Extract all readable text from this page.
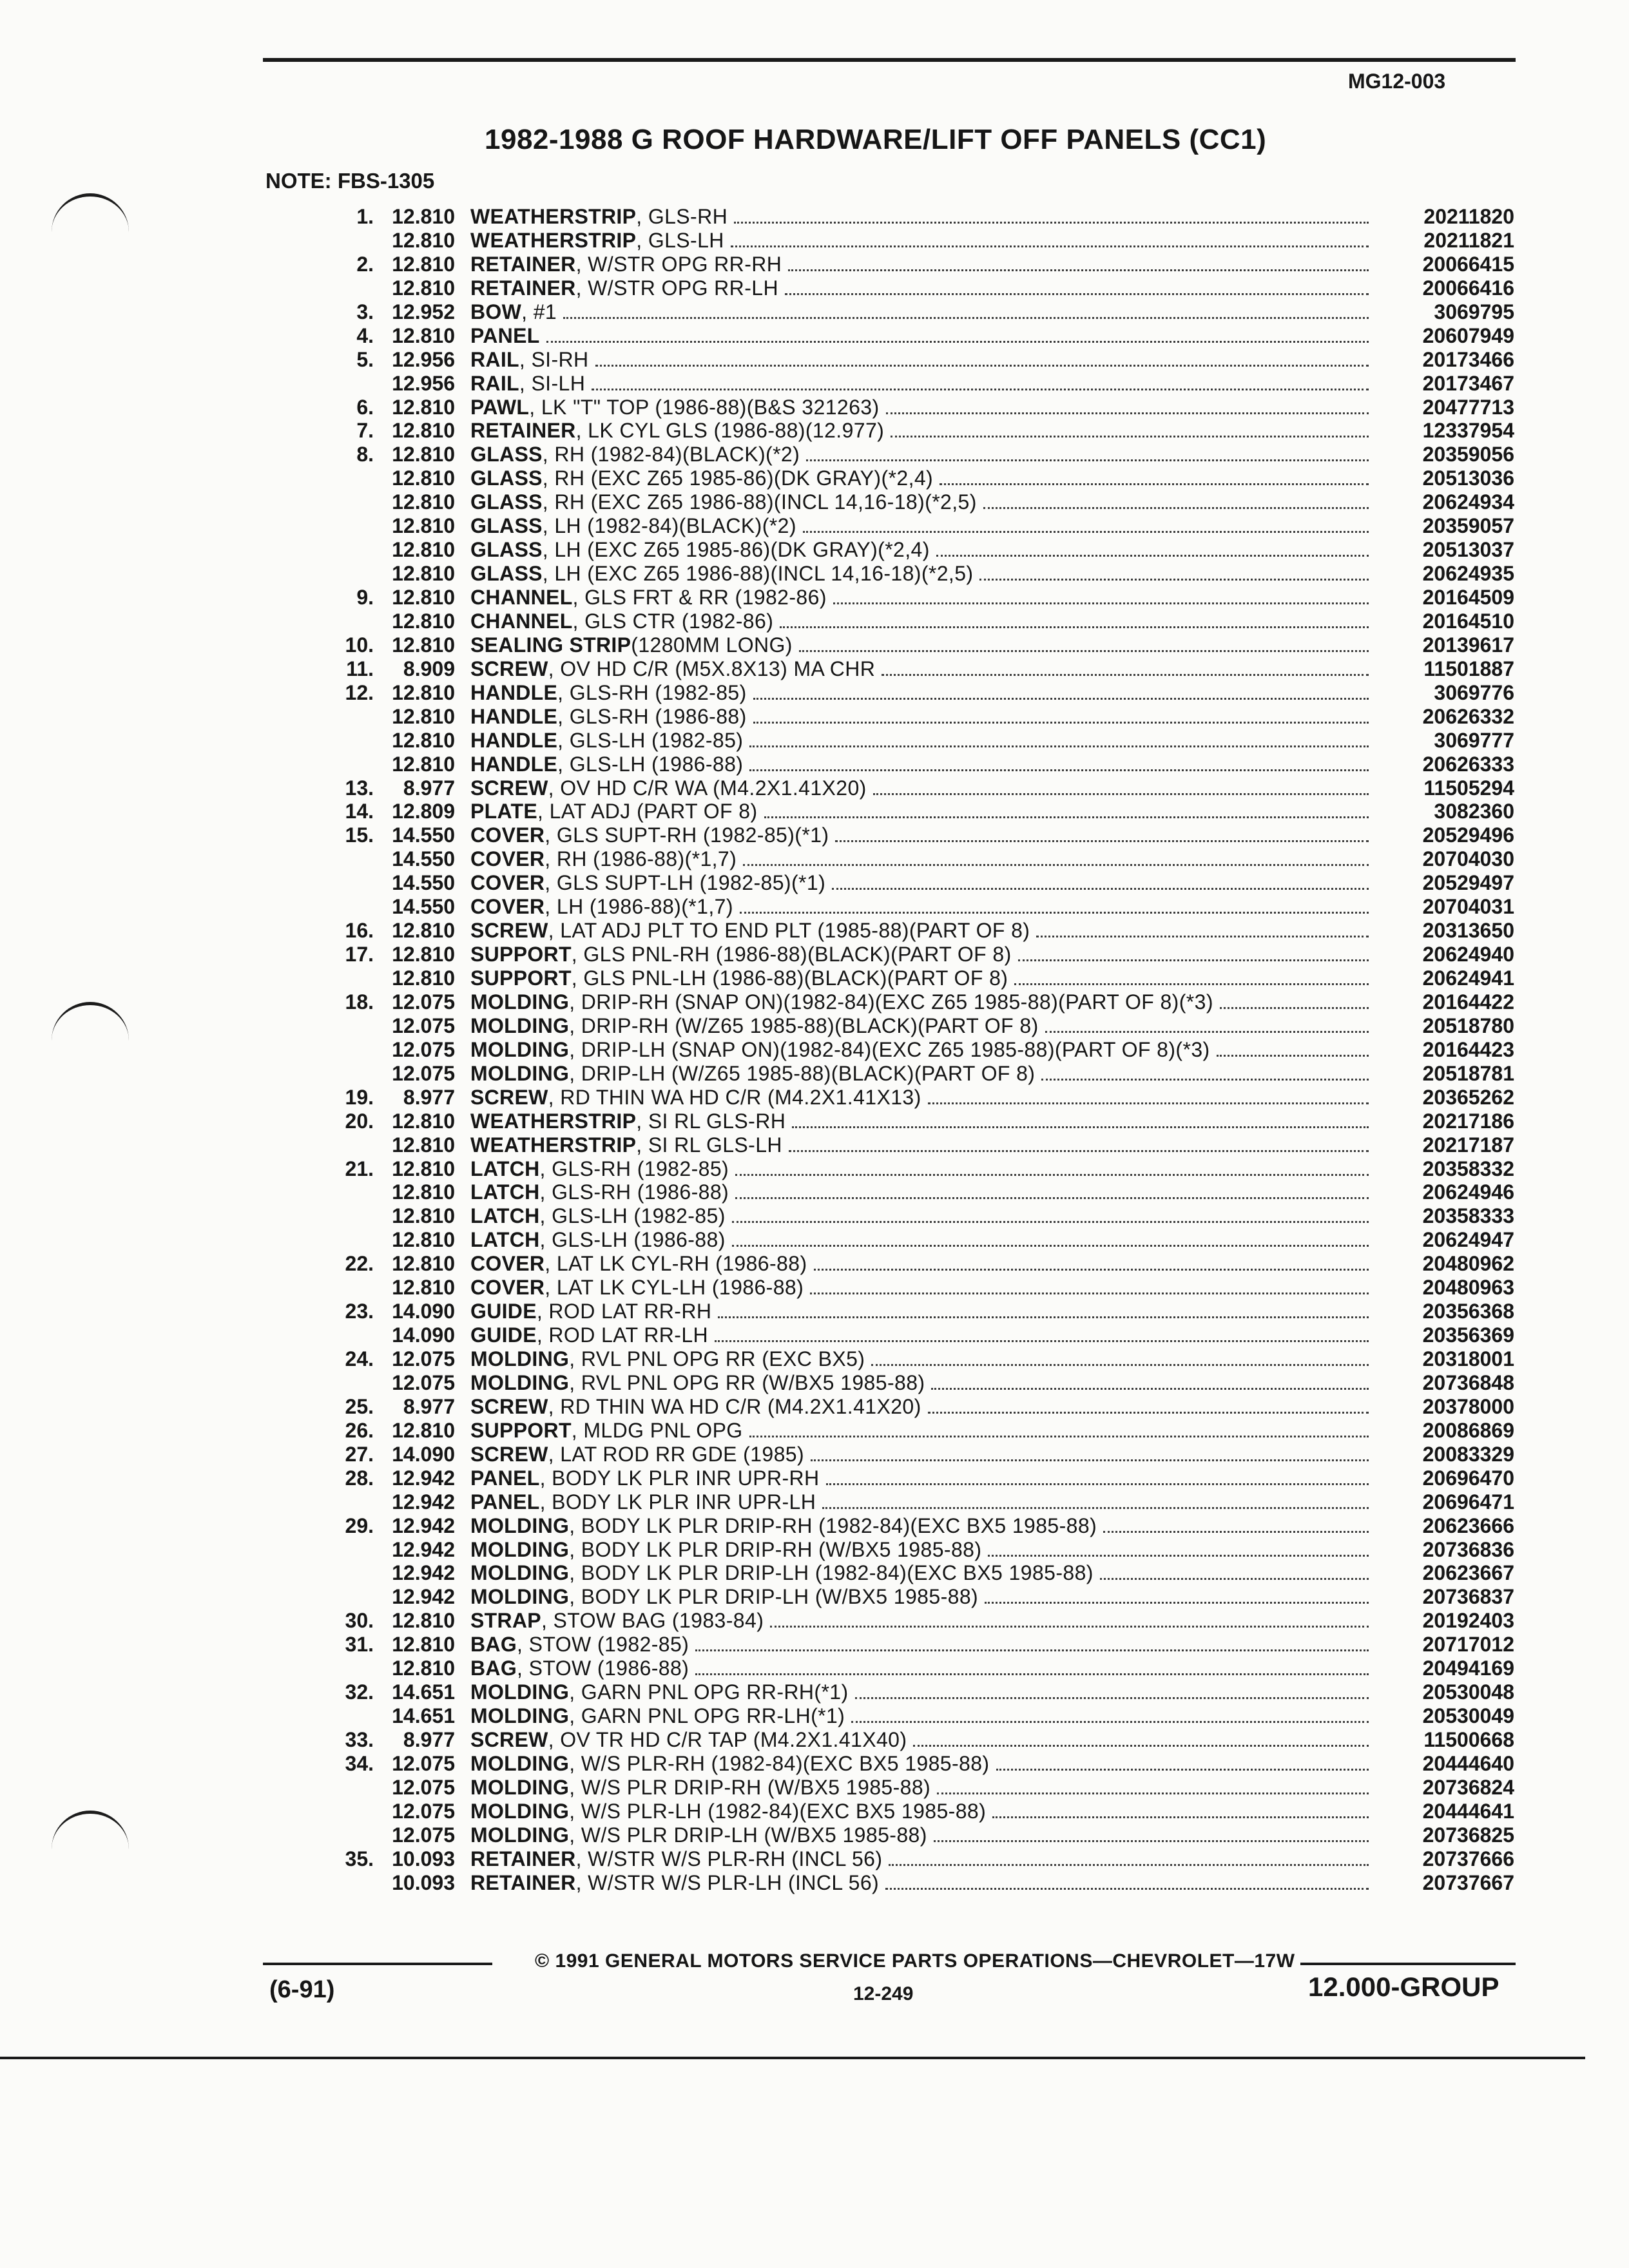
MG12-003
1982-1988 G ROOF HARDWARE/LIFT OFF PANELS (CC1)
NOTE: FBS-1305
1. 12.810 WEATHERSTRIP , GLS-RH	20211820
12.810 WEATHERSTRIP , GLS-LH	20211821
2. 12.810 RETAINER , W/STR OPG RR-RH	20066415
12.810 RETAINER , W/STR OPG RR-LH	20066416
3. 12.952 BOW , #1	3069795
4. 12.810 PANEL	20607949
5. 12.956 RAIL , SI-RH	20173466
12.956 RAIL , SI-LH	20173467
6. 12.810 PAWL , LK "T" TOP (1986-88)(B&S 321263)	20477713
7. 12.810 RETAINER , LK CYL GLS (1986-88)(12.977)	12337954
8. 12.810 GLASS , RH (1982-84)(BLACK)(*2)	20359056
12.810 GLASS , RH (EXC Z65 1985-86)(DK GRAY)(*2,4)	20513036
12.810 GLASS , RH (EXC Z65 1986-88)(INCL 14,16-18)(*2,5)	20624934
12.810 GLASS , LH (1982-84)(BLACK)(*2)	20359057
12.810 GLASS , LH (EXC Z65 1985-86)(DK GRAY)(*2,4)	20513037
12.810 GLASS , LH (EXC Z65 1986-88)(INCL 14,16-18)(*2,5)	20624935
9. 12.810 CHANNEL , GLS FRT & RR (1982-86)	20164509
12.810 CHANNEL , GLS CTR (1982-86)	20164510
10. 12.810 SEALING STRIP (1280MM LONG)	20139617
11.	8.909 SCREW , OV HD C/R (M5X.8X13) MA CHR	11501887
12. 12.810 HANDLE , GLS-RH (1982-85)	3069776
12.810 HANDLE , GLS-RH (1986-88)	20626332
12.810 HANDLE , GLS-LH (1982-85)	3069777
12.810 HANDLE , GLS-LH (1986-88)	20626333
13.	8.977 SCREW , OV HD C/R WA (M4.2X1.41X20)	11505294
14. 12.809 PLATE , LAT ADJ (PART OF 8)	3082360
15. 14.550 COVER , GLS SUPT-RH (1982-85)(*1)	20529496
14.550 COVER , RH (1986-88)(*1,7)	20704030
14.550 COVER , GLS SUPT-LH (1982-85)(*1)	20529497
14.550 COVER , LH (1986-88)(*1,7)	20704031
16. 12.810 SCREW , LAT ADJ PLT TO END PLT (1985-88)(PART OF 8)	20313650
17. 12.810 SUPPORT , GLS PNL-RH (1986-88)(BLACK)(PART OF 8)	20624940
12.810 SUPPORT , GLS PNL-LH (1986-88)(BLACK)(PART OF 8)	20624941
18. 12.075 MOLDING , DRIP-RH (SNAP ON)(1982-84)(EXC Z65 1985-88)(PART OF 8)(*3)	20164422
12.075 MOLDING , DRIP-RH (W/Z65 1985-88)(BLACK)(PART OF 8)	20518780
12.075 MOLDING , DRIP-LH (SNAP ON)(1982-84)(EXC Z65 1985-88)(PART OF 8)(*3)	20164423
12.075 MOLDING , DRIP-LH (W/Z65 1985-88)(BLACK)(PART OF 8)	20518781
19.	8.977 SCREW , RD THIN WA HD C/R (M4.2X1.41X13)	20365262
20. 12.810 WEATHERSTRIP , SI RL GLS-RH	20217186
12.810 WEATHERSTRIP , SI RL GLS-LH	20217187
21. 12.810 LATCH , GLS-RH (1982-85)	20358332
12.810 LATCH , GLS-RH (1986-88)	20624946
12.810 LATCH , GLS-LH (1982-85)	20358333
12.810 LATCH , GLS-LH (1986-88)	20624947
22. 12.810 COVER , LAT LK CYL-RH (1986-88)	20480962
12.810 COVER , LAT LK CYL-LH (1986-88)	20480963
23. 14.090 GUIDE , ROD LAT RR-RH	20356368
14.090 GUIDE , ROD LAT RR-LH	20356369
24. 12.075 MOLDING , RVL PNL OPG RR (EXC BX5)	20318001
12.075 MOLDING , RVL PNL OPG RR (W/BX5 1985-88)	20736848
25.	8.977 SCREW , RD THIN WA HD C/R (M4.2X1.41X20)	20378000
26. 12.810 SUPPORT , MLDG PNL OPG	20086869
27. 14.090 SCREW , LAT ROD RR GDE (1985)	20083329
28. 12.942 PANEL , BODY LK PLR INR UPR-RH	20696470
12.942 PANEL , BODY LK PLR INR UPR-LH	20696471
29. 12.942 MOLDING , BODY LK PLR DRIP-RH (1982-84)(EXC BX5 1985-88)	20623666
12.942 MOLDING , BODY LK PLR DRIP-RH (W/BX5 1985-88)	20736836
12.942 MOLDING , BODY LK PLR DRIP-LH (1982-84)(EXC BX5 1985-88)	20623667
12.942 MOLDING , BODY LK PLR DRIP-LH (W/BX5 1985-88)	20736837
30. 12.810 STRAP , STOW BAG (1983-84)	20192403
31. 12.810 BAG , STOW (1982-85)	20717012
12.810 BAG , STOW (1986-88)	20494169
32. 14.651 MOLDING , GARN PNL OPG RR-RH(*1)	20530048
14.651 MOLDING , GARN PNL OPG RR-LH(*1)	20530049
33.	8.977 SCREW , OV TR HD C/R TAP (M4.2X1.41X40)	11500668
34. 12.075 MOLDING , W/S PLR-RH (1982-84)(EXC BX5 1985-88)	20444640
12.075 MOLDING , W/S PLR DRIP-RH (W/BX5 1985-88)	20736824
12.075 MOLDING , W/S PLR-LH (1982-84)(EXC BX5 1985-88)	20444641
12.075 MOLDING , W/S PLR DRIP-LH (W/BX5 1985-88)	20736825
35. 10.093 RETAINER , W/STR W/S PLR-RH (INCL 56)	20737666
10.093 RETAINER , W/STR W/S PLR-LH (INCL 56)	20737667
© 1991 GENERAL MOTORS SERVICE PARTS OPERATIONS—CHEVROLET—17W
(6-91)	12-249	12.000-GROUP
